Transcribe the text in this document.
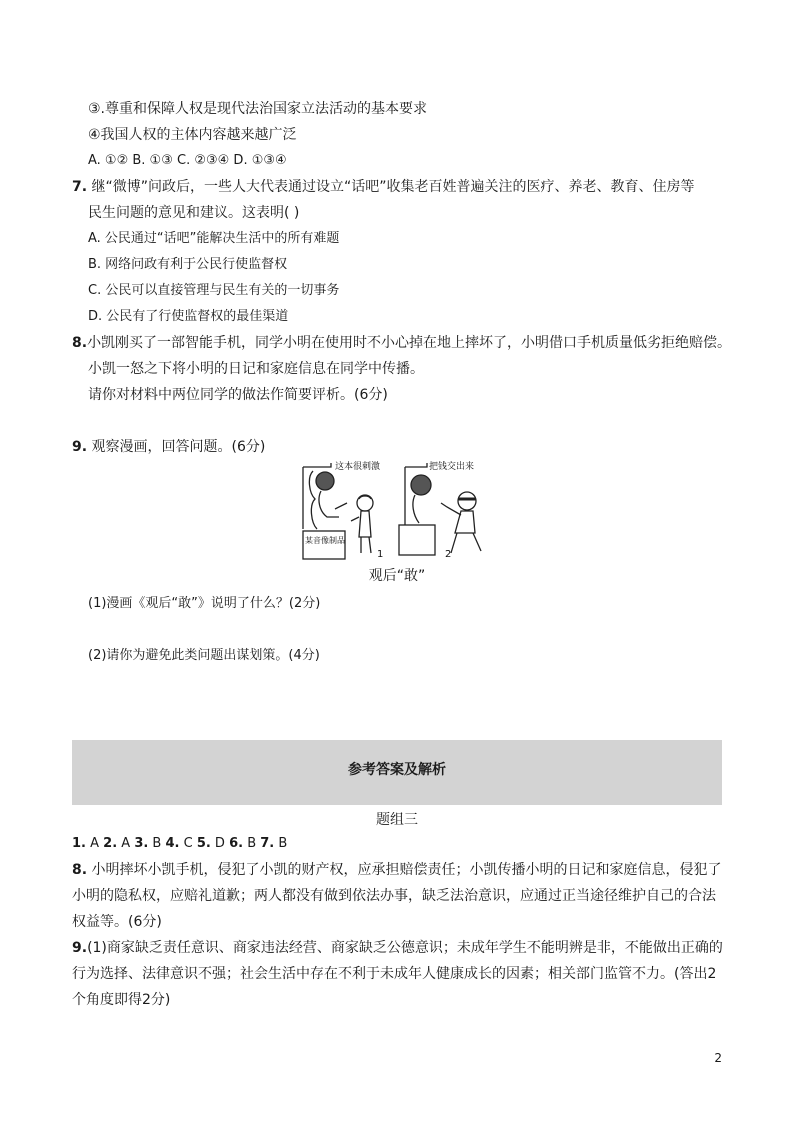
③.尊重和保障人权是现代法治国家立法活动的基本要求
④我国人权的主体内容越来越广泛
A. ①② B. ①③ C. ②③④ D. ①③④
7. 继“微博”问政后，一些人大代表通过设立“话吧”收集老百姓普遍关注的医疗、养老、教育、住房等
民生问题的意见和建议。这表明( )
A. 公民通过“话吧”能解决生活中的所有难题
B. 网络问政有利于公民行使监督权
C. 公民可以直接管理与民生有关的一切事务
D. 公民有了行使监督权的最佳渠道
8.小凯刚买了一部智能手机，同学小明在使用时不小心掉在地上摔坏了，小明借口手机质量低劣拒绝赔偿。
小凯一怒之下将小明的日记和家庭信息在同学中传播。
请你对材料中两位同学的做法作简要评析。(6分)
9. 观察漫画，回答问题。(6分)
这本很刺激	把钱交出来
某音像制品
1	2
观后“敢”
(1)漫画《观后“敢”》说明了什么？(2分)
(2)请你为避免此类问题出谋划策。(4分)
参考答案及解析
题组三
1. A 2. A 3. B 4. C 5. D 6. B 7. B
8. 小明摔坏小凯手机，侵犯了小凯的财产权，应承担赔偿责任；小凯传播小明的日记和家庭信息，侵犯了
小明的隐私权，应赔礼道歉；两人都没有做到依法办事，缺乏法治意识，应通过正当途径维护自己的合法
权益等。(6分)
9.(1)商家缺乏责任意识、商家违法经营、商家缺乏公德意识；未成年学生不能明辨是非，不能做出正确的
行为选择、法律意识不强；社会生活中存在不利于未成年人健康成长的因素；相关部门监管不力。(答出2
个角度即得2分)
2
